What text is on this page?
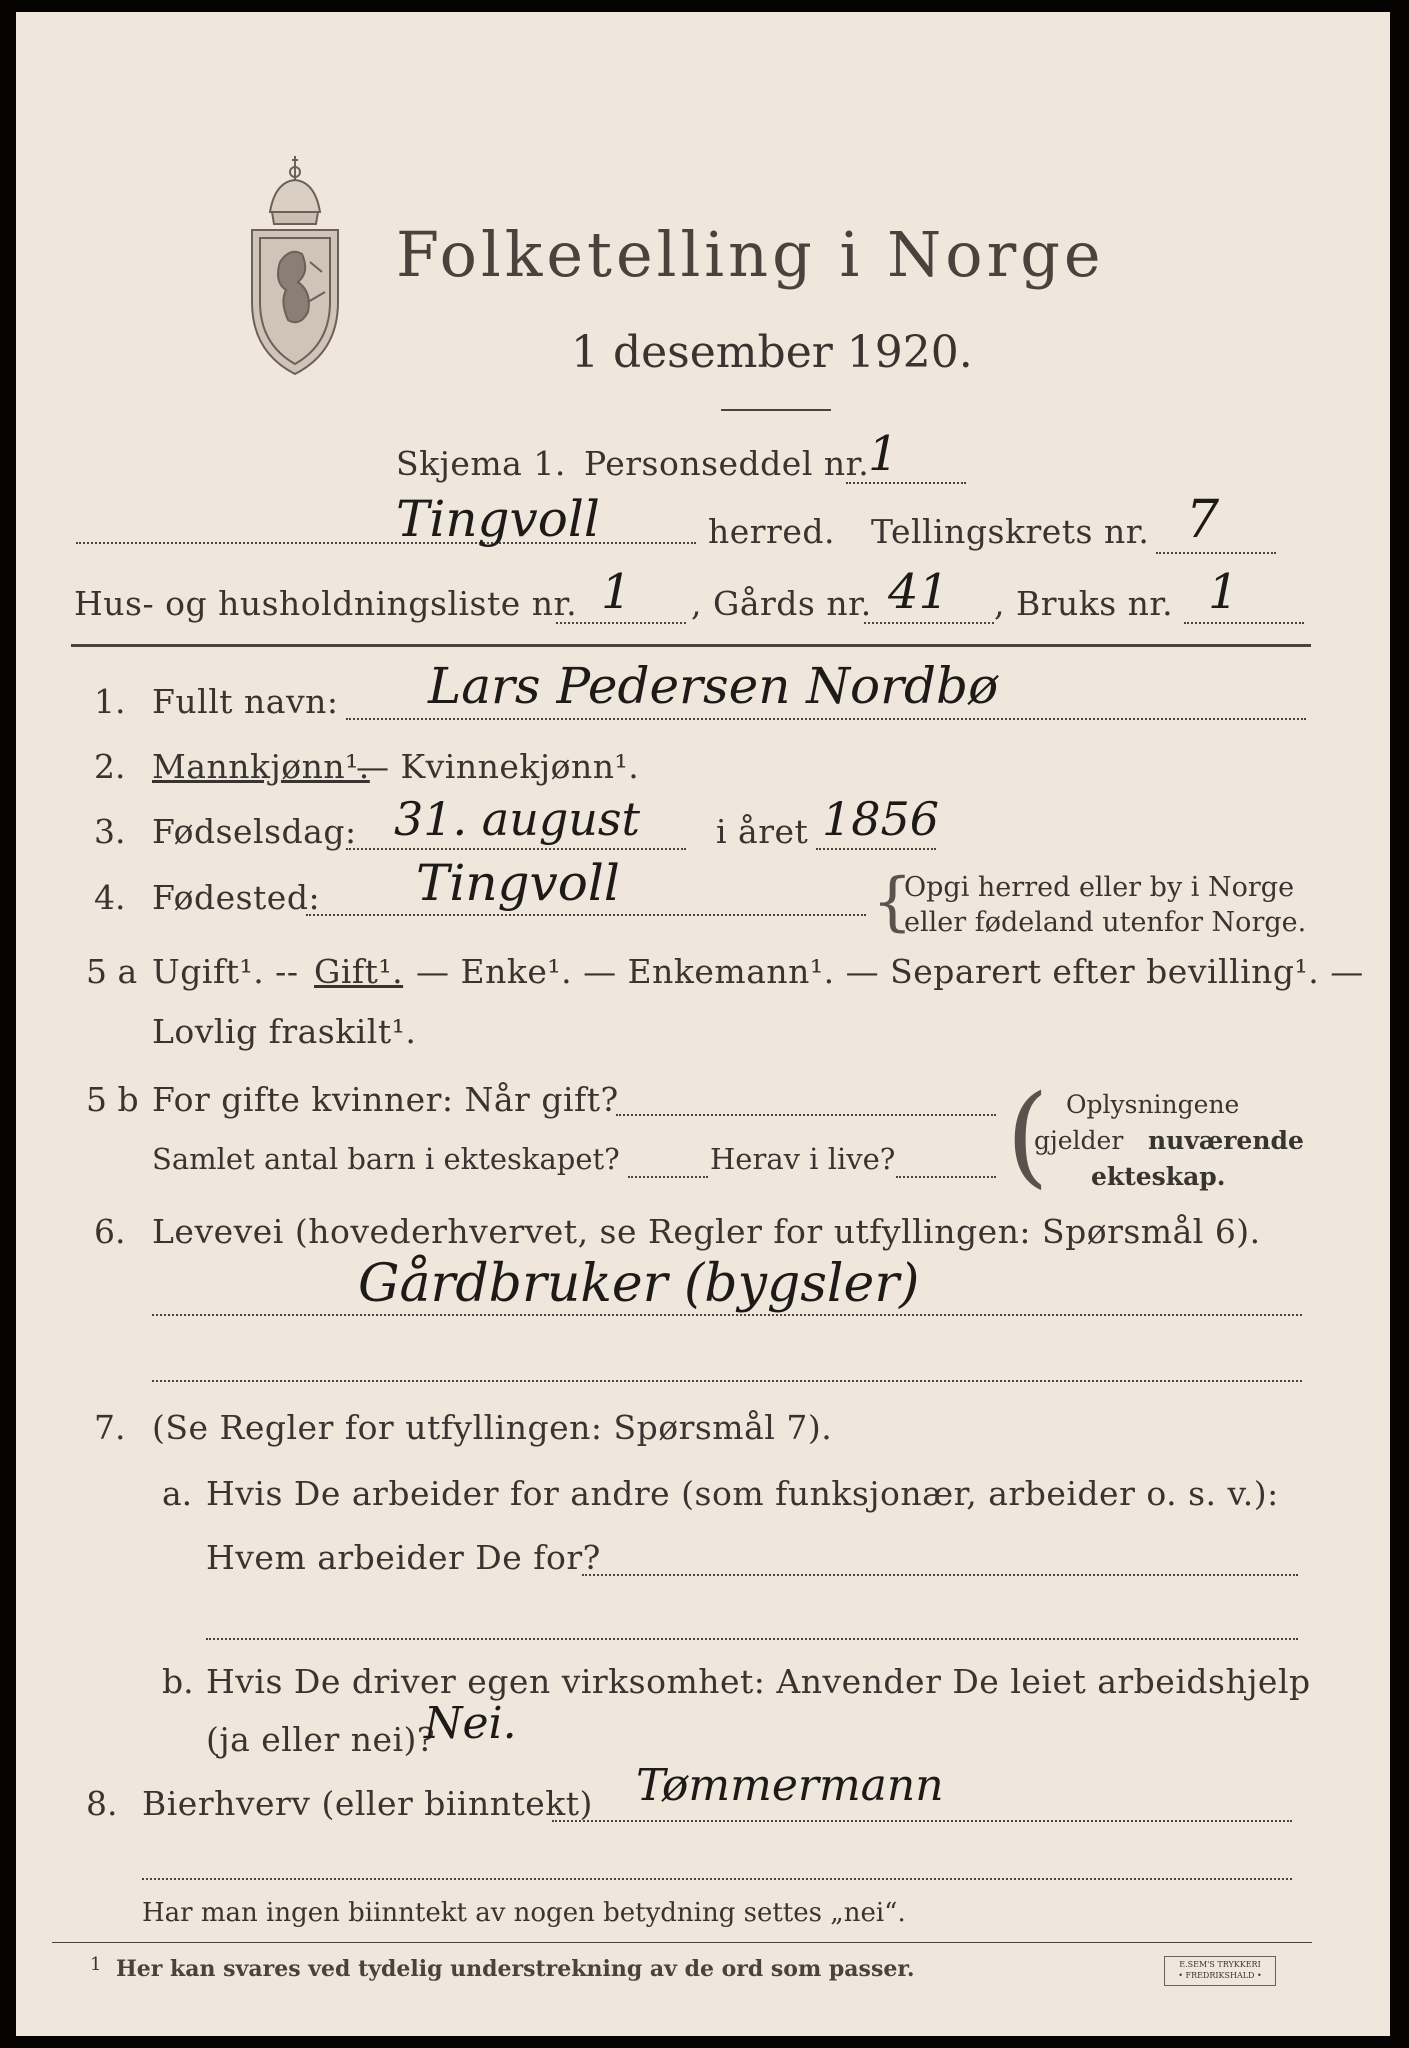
Folketelling i Norge
1 desember 1920.
Skjema 1. Personseddel nr.
1
Tingvoll	herred. Tellingskrets nr. 7
Hus- og husholdningsliste nr. 1 , Gårds nr. 41 , Bruks nr. 1
1. Fullt navn: Lars Pedersen Nordbø
2. Mannkjønn¹.
— Kvinnekjønn¹.
3. Fødselsdag: 31. august i året 1856
4. Fødested: Tingvoll	{
Opgi herred eller by i Norge
eller fødeland utenfor Norge.
5 a Ugift¹. -- Gift¹. — Enke¹. — Enkemann¹. — Separert efter bevilling¹. —
Lovlig fraskilt¹.
5 b For gifte kvinner: Når gift?
Samlet antal barn i ekteskapet?	Herav i live? ( Oplysningene
gjelder nuværende
ekteskap.
6. Levevei (hovederhvervet, se Regler for utfyllingen: Spørsmål 6).
Gårdbruker (bygsler)
7. (Se Regler for utfyllingen: Spørsmål 7).
a. Hvis De arbeider for andre (som funksjonær, arbeider o. s. v.):
Hvem arbeider De for?
b. Hvis De driver egen virksomhet: Anvender De leiet arbeidshjelp
(ja eller nei)?
Nei.
8. Bierhverv (eller biinntekt) Tømmermann
Har man ingen biinntekt av nogen betydning settes „nei“.
1 Her kan svares ved tydelig understrekning av de ord som passer.	E.SEM'S TRYKKERI
• FREDRIKSHALD •
